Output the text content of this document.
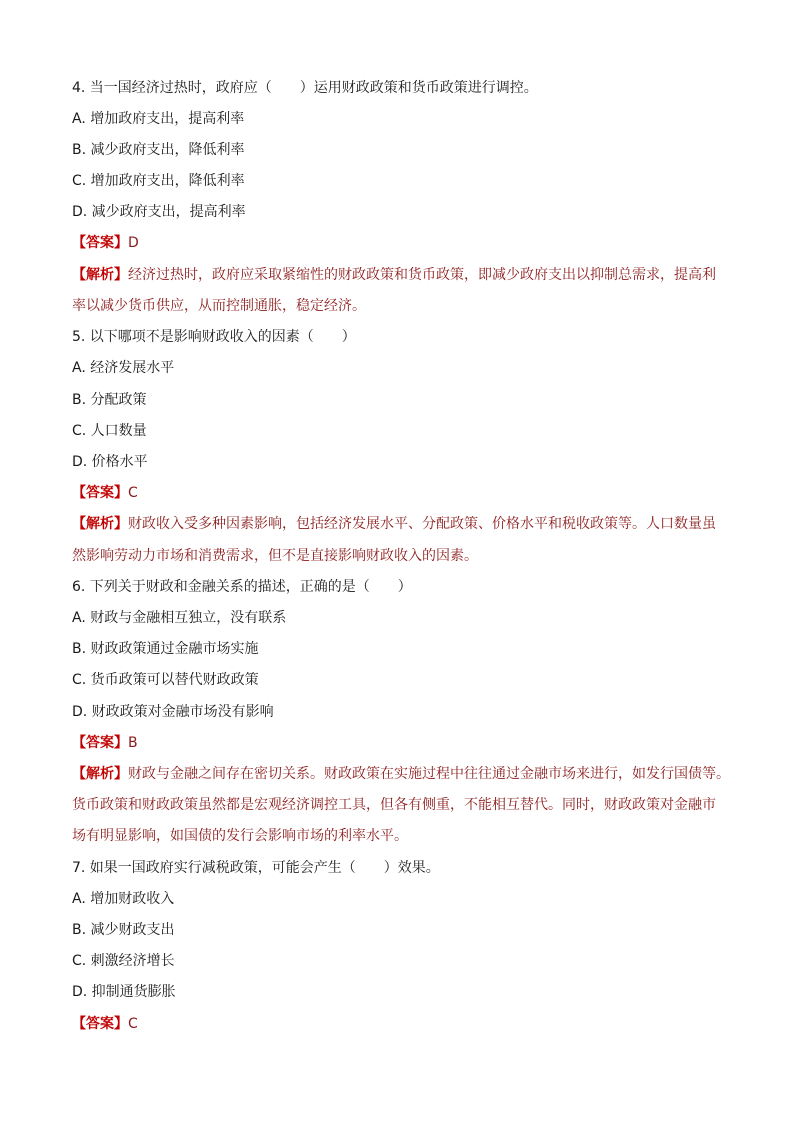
4. 当一国经济过热时，政府应（　　）运用财政政策和货币政策进行调控。
A. 增加政府支出，提高利率
B. 减少政府支出，降低利率
C. 增加政府支出，降低利率
D. 减少政府支出，提高利率
【答案】D
【解析】经济过热时，政府应采取紧缩性的财政政策和货币政策，即减少政府支出以抑制总需求，提高利
率以减少货币供应，从而控制通胀，稳定经济。
5. 以下哪项不是影响财政收入的因素（　　）
A. 经济发展水平
B. 分配政策
C. 人口数量
D. 价格水平
【答案】C
【解析】财政收入受多种因素影响，包括经济发展水平、分配政策、价格水平和税收政策等。人口数量虽
然影响劳动力市场和消费需求，但不是直接影响财政收入的因素。
6. 下列关于财政和金融关系的描述，正确的是（　　）
A. 财政与金融相互独立，没有联系
B. 财政政策通过金融市场实施
C. 货币政策可以替代财政政策
D. 财政政策对金融市场没有影响
【答案】B
【解析】财政与金融之间存在密切关系。财政政策在实施过程中往往通过金融市场来进行，如发行国债等。
货币政策和财政政策虽然都是宏观经济调控工具，但各有侧重，不能相互替代。同时，财政政策对金融市
场有明显影响，如国债的发行会影响市场的利率水平。
7. 如果一国政府实行减税政策，可能会产生（　　）效果。
A. 增加财政收入
B. 减少财政支出
C. 刺激经济增长
D. 抑制通货膨胀
【答案】C
